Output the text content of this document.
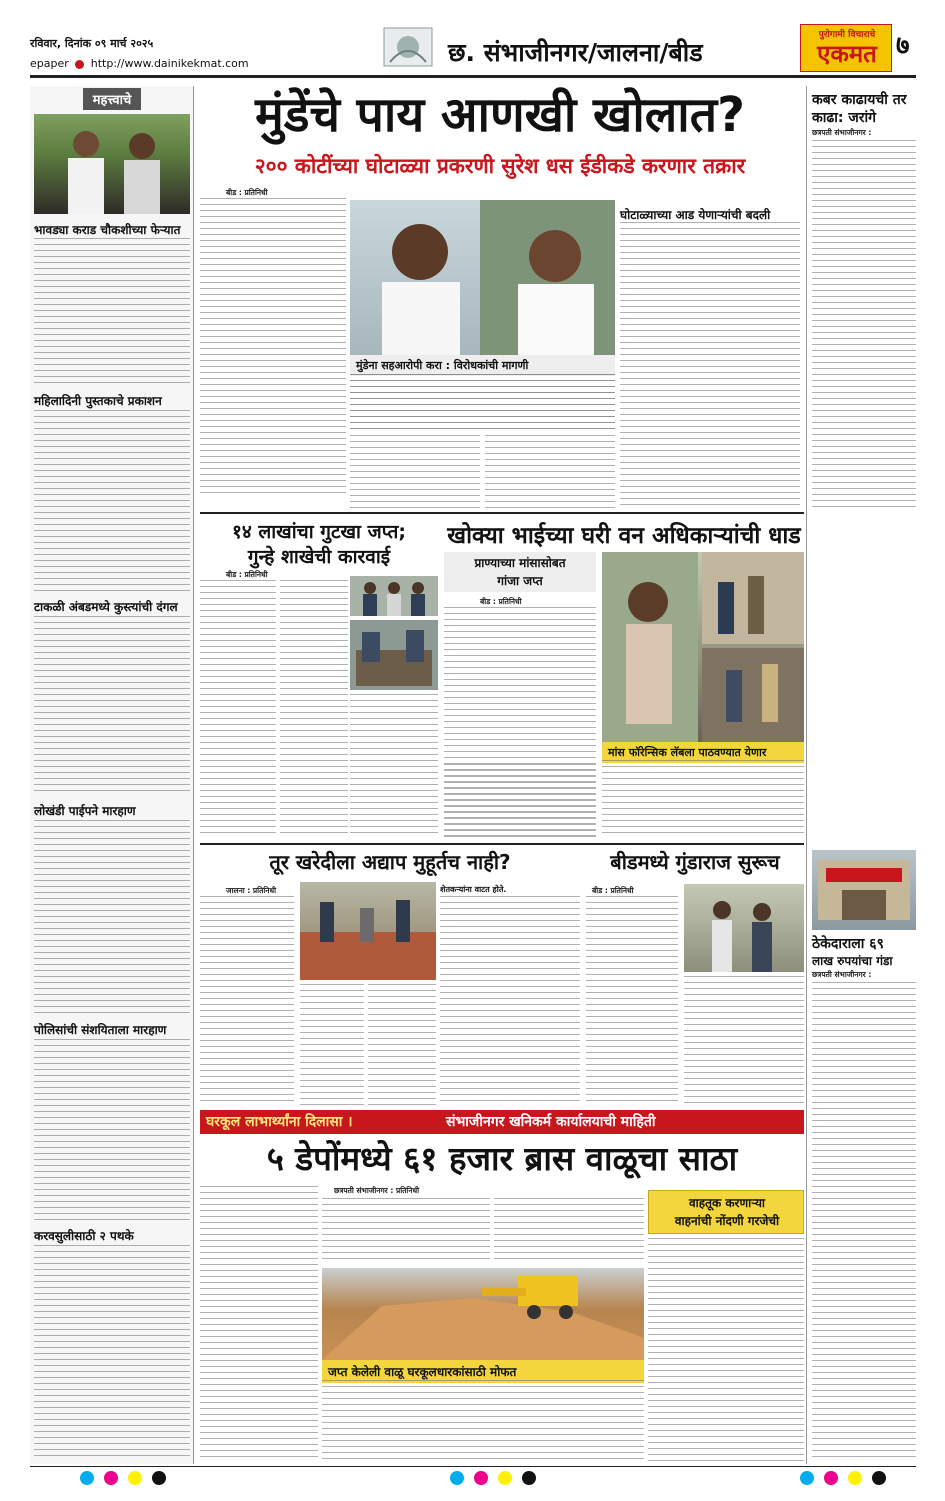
रविवार, दिनांक ०९ मार्च २०२५
epaper http://www.dainikekmat.com	छ. संभाजीनगर/जालना/बीड
पुरोगामी विचाराचे
एकमत ७
महत्त्वाचे
भावड्या कराड चौकशीच्या फेऱ्यात
महिलादिनी पुस्तकाचे प्रकाशन
टाकळी अंबडमध्ये कुस्त्यांची दंगल
लोखंडी पाईपने मारहाण
पोलिसांची संशयिताला मारहाण
करवसुलीसाठी २ पथके
मुंडेंचे पाय आणखी खोलात?
२०० कोटींच्या घोटाळ्या प्रकरणी सुरेश धस ईडीकडे करणार तक्रार
बीड : प्रतिनिधी
मुंडेना सहआरोपी करा : विरोधकांची मागणी
घोटाळ्याच्या आड येणाऱ्यांची बदली
कबर काढायची तर
काढा: जरांगे
छत्रपती संभाजीनगर :
ठेकेदाराला ६९
लाख रुपयांचा गंडा
छत्रपती संभाजीनगर :
१४ लाखांचा गुटखा जप्त;
गुन्हे शाखेची कारवाई
बीड : प्रतिनिधी
खोक्या भाईच्या घरी वन अधिकाऱ्यांची धाड
प्राण्याच्या मांसासोबत
गांजा जप्त
बीड : प्रतिनिधी
मांस फॉरेन्सिक लॅबला पाठवण्यात येणार
तूर खरेदीला अद्याप मुहूर्तच नाही?	बीडमध्ये गुंडाराज सुरूच
जालना : प्रतिनिधी	शेतकऱ्यांना वाटत होते.	बीड : प्रतिनिधी
घरकूल लाभार्थ्यांना दिलासा ।	संभाजीनगर खनिकर्म कार्यालयाची माहिती
५ डेपोंमध्ये ६१ हजार ब्रास वाळूचा साठा
छत्रपती संभाजीनगर : प्रतिनिधी
जप्त केलेली वाळू घरकूलधारकांसाठी मोफत
वाहतूक करणाऱ्या
वाहनांची नोंदणी गरजेची
